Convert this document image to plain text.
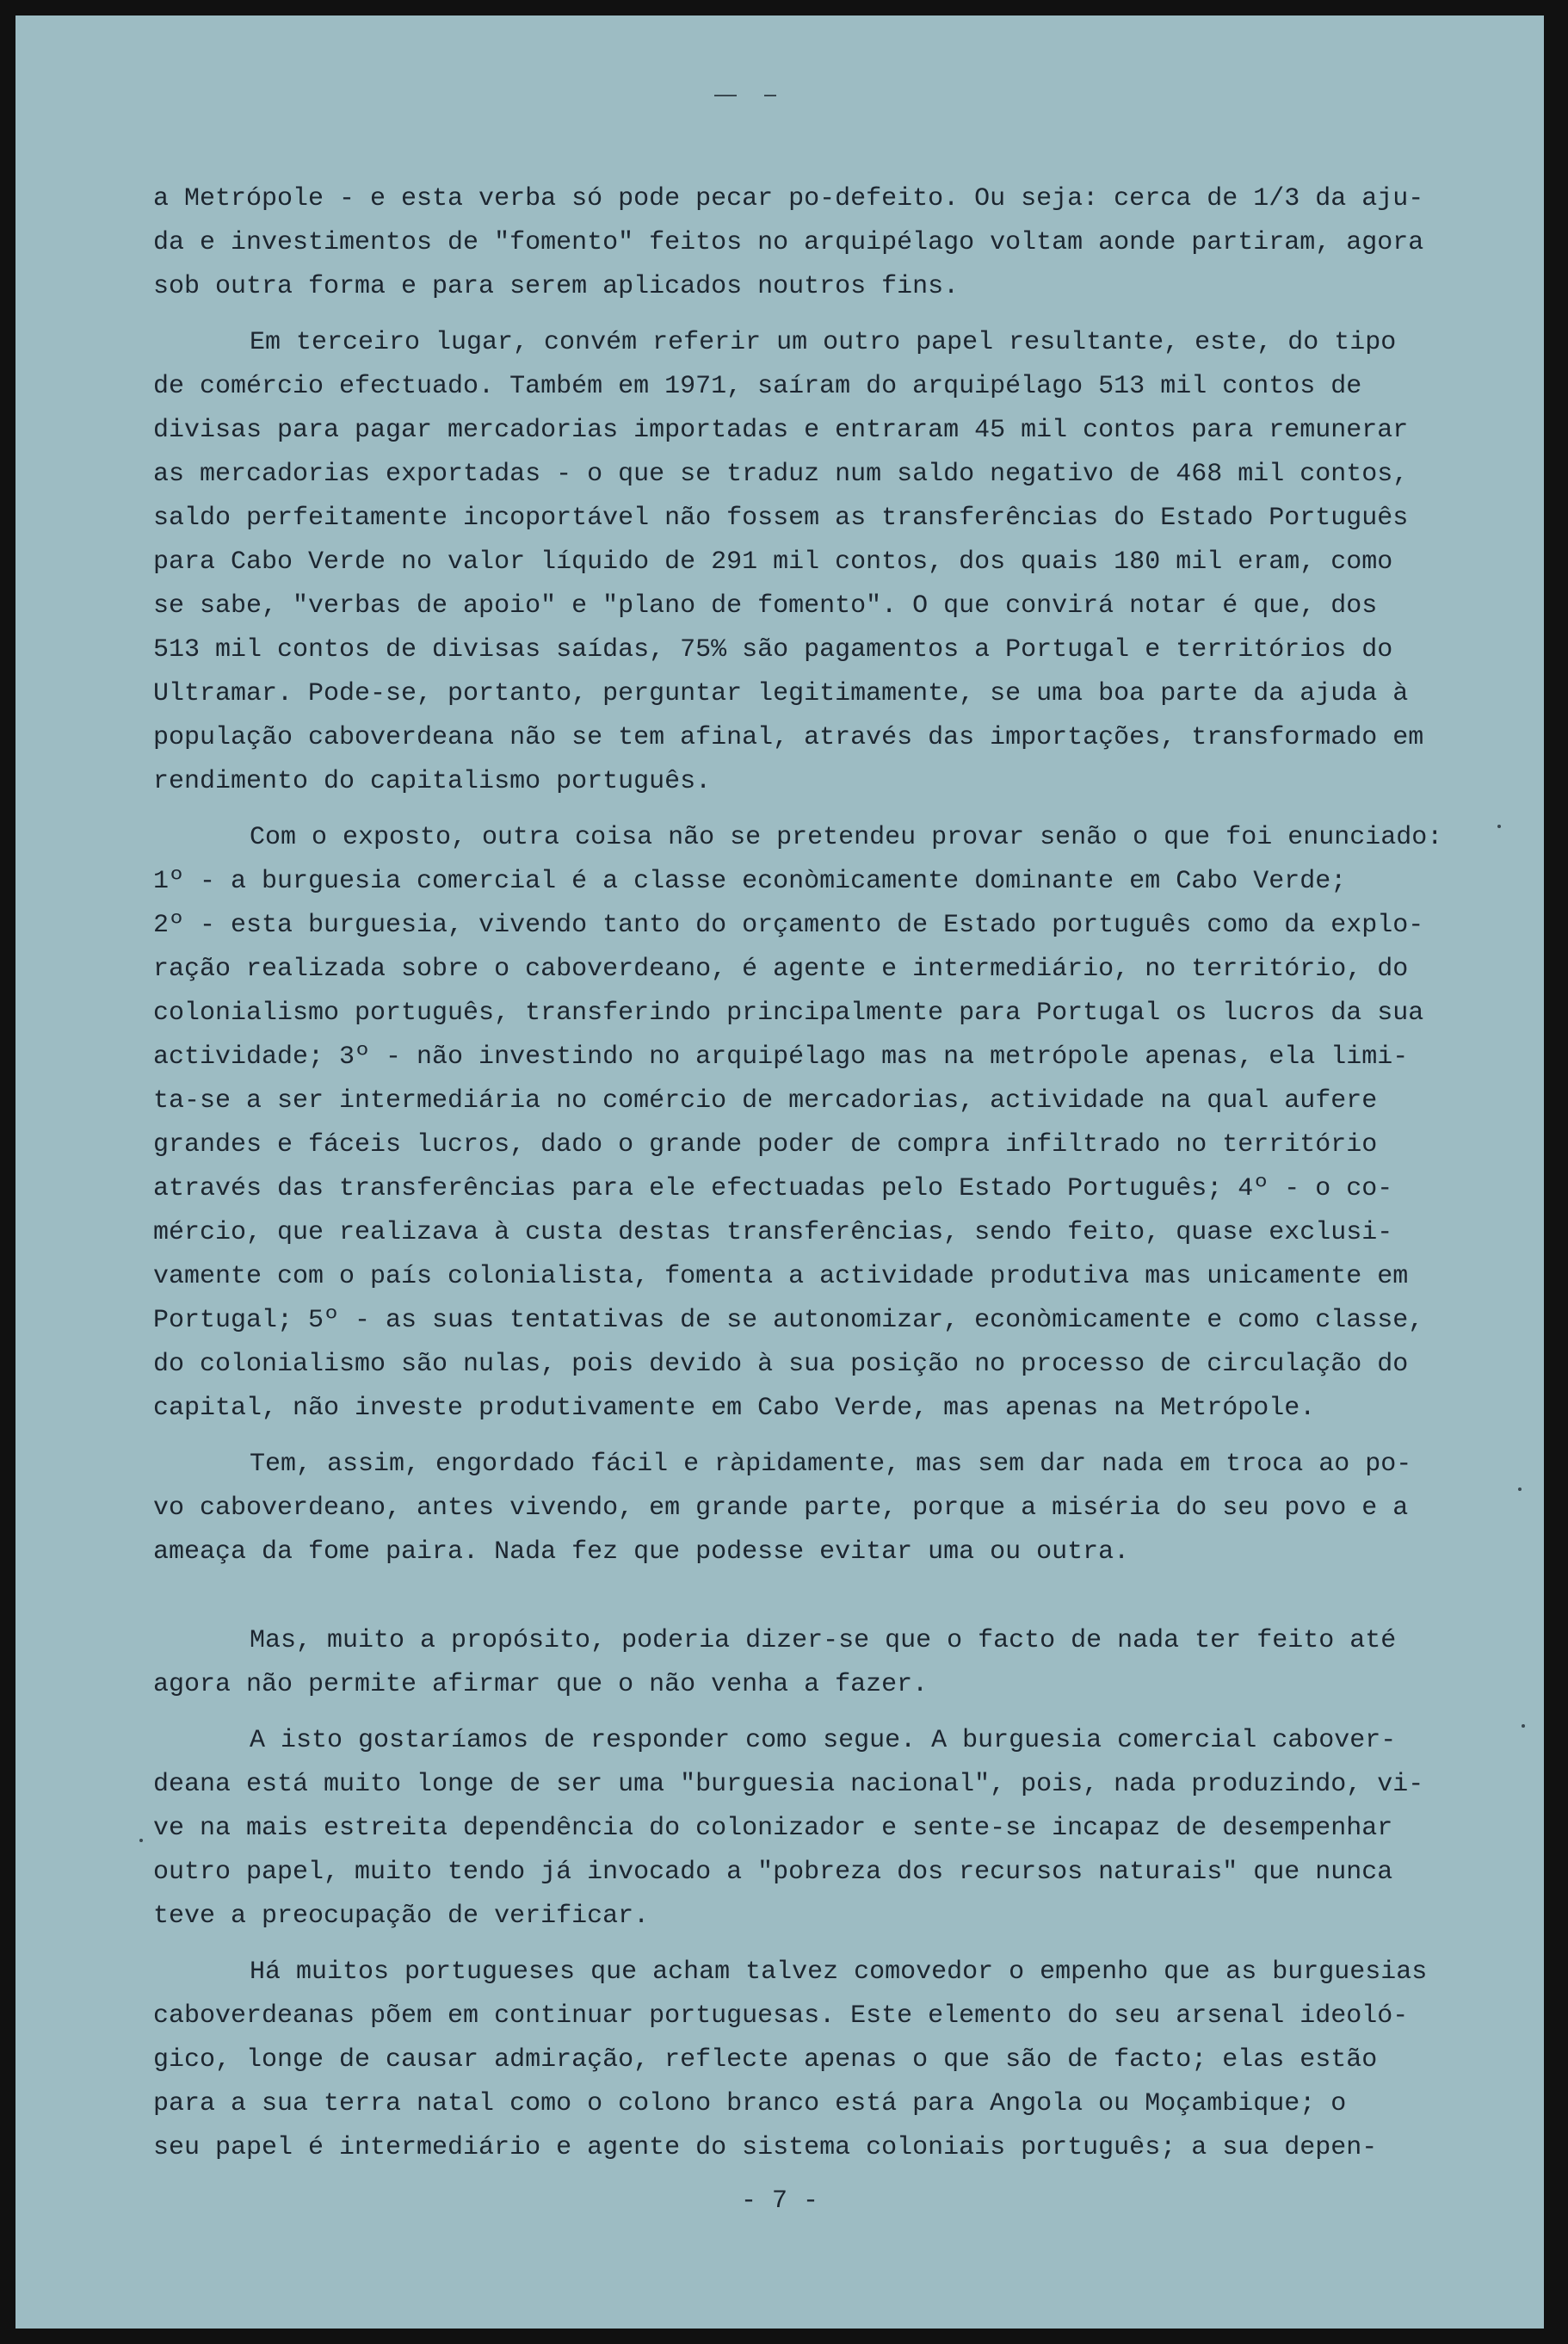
a Metrópole - e esta verba só pode pecar po-defeito. Ou seja: cerca de 1/3 da aju-
da e investimentos de "fomento" feitos no arquipélago voltam aonde partiram, agora
sob outra forma e para serem aplicados noutros fins.
Em terceiro lugar, convém referir um outro papel resultante, este, do tipo
de comércio efectuado. Também em 1971, saíram do arquipélago 513 mil contos de
divisas para pagar mercadorias importadas e entraram 45 mil contos para remunerar
as mercadorias exportadas - o que se traduz num saldo negativo de 468 mil contos,
saldo perfeitamente incoportável não fossem as transferências do Estado Português
para Cabo Verde no valor líquido de 291 mil contos, dos quais 180 mil eram, como
se sabe, "verbas de apoio" e "plano de fomento". O que convirá notar é que, dos
513 mil contos de divisas saídas, 75% são pagamentos a Portugal e territórios do
Ultramar. Pode-se, portanto, perguntar legitimamente, se uma boa parte da ajuda à
população caboverdeana não se tem afinal, através das importações, transformado em
rendimento do capitalismo português.
Com o exposto, outra coisa não se pretendeu provar senão o que foi enunciado:
1º - a burguesia comercial é a classe econòmicamente dominante em Cabo Verde;
2º - esta burguesia, vivendo tanto do orçamento de Estado português como da explo-
ração realizada sobre o caboverdeano, é agente e intermediário, no território, do
colonialismo português, transferindo principalmente para Portugal os lucros da sua
actividade; 3º - não investindo no arquipélago mas na metrópole apenas, ela limi-
ta-se a ser intermediária no comércio de mercadorias, actividade na qual aufere
grandes e fáceis lucros, dado o grande poder de compra infiltrado no território
através das transferências para ele efectuadas pelo Estado Português; 4º - o co-
mércio, que realizava à custa destas transferências, sendo feito, quase exclusi-
vamente com o país colonialista, fomenta a actividade produtiva mas unicamente em
Portugal; 5º - as suas tentativas de se autonomizar, econòmicamente e como classe,
do colonialismo são nulas, pois devido à sua posição no processo de circulação do
capital, não investe produtivamente em Cabo Verde, mas apenas na Metrópole.
Tem, assim, engordado fácil e ràpidamente, mas sem dar nada em troca ao po-
vo caboverdeano, antes vivendo, em grande parte, porque a miséria do seu povo e a
ameaça da fome paira. Nada fez que podesse evitar uma ou outra.
Mas, muito a propósito, poderia dizer-se que o facto de nada ter feito até
agora não permite afirmar que o não venha a fazer.
A isto gostaríamos de responder como segue. A burguesia comercial cabover-
deana está muito longe de ser uma "burguesia nacional", pois, nada produzindo, vi-
ve na mais estreita dependência do colonizador e sente-se incapaz de desempenhar
outro papel, muito tendo já invocado a "pobreza dos recursos naturais" que nunca
teve a preocupação de verificar.
Há muitos portugueses que acham talvez comovedor o empenho que as burguesias
caboverdeanas põem em continuar portuguesas. Este elemento do seu arsenal ideoló-
gico, longe de causar admiração, reflecte apenas o que são de facto; elas estão
para a sua terra natal como o colono branco está para Angola ou Moçambique; o
seu papel é intermediário e agente do sistema coloniais português; a sua depen-
- 7 -
